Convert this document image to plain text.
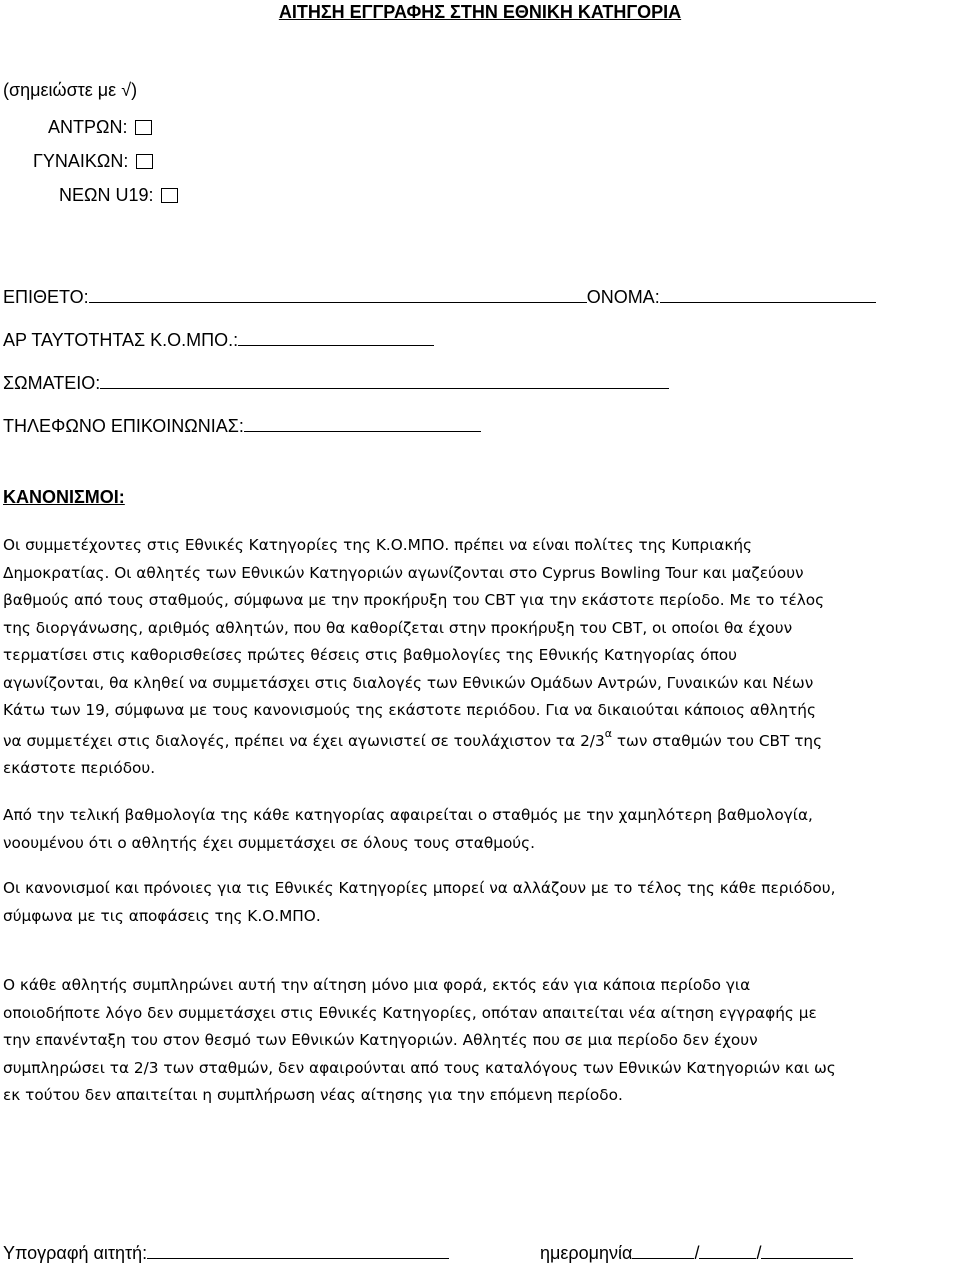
ΑΙΤΗΣΗ ΕΓΓΡΑΦΗΣ ΣΤΗΝ ΕΘΝΙΚΗ ΚΑΤΗΓΟΡΙΑ
(σημειώστε με √)
ΑΝΤΡΩΝ:
ΓΥΝΑΙΚΩΝ:
ΝΕΩΝ U19:
ΕΠΙΘΕΤΟ:	ΟΝΟΜΑ:
ΑΡ ΤΑΥΤΟΤΗΤΑΣ Κ.Ο.ΜΠΟ.:
ΣΩΜΑΤΕΙΟ:
ΤΗΛΕΦΩΝΟ ΕΠΙΚΟΙΝΩΝΙΑΣ:
ΚΑΝΟΝΙΣΜΟΙ:
Οι συμμετέχοντες στις Εθνικές Κατηγορίες της Κ.Ο.ΜΠΟ. πρέπει να είναι πολίτες της Κυπριακής
Δημοκρατίας. Οι αθλητές των Εθνικών Κατηγοριών αγωνίζονται στο Cyprus Bowling Tour και μαζεύουν
βαθμούς από τους σταθμούς, σύμφωνα με την προκήρυξη του CBT για την εκάστοτε περίοδο. Με το τέλος
της διοργάνωσης, αριθμός αθλητών, που θα καθορίζεται στην προκήρυξη του CBT, οι οποίοι θα έχουν
τερματίσει στις καθορισθείσες πρώτες θέσεις στις βαθμολογίες της Εθνικής Κατηγορίας όπου
αγωνίζονται, θα κληθεί να συμμετάσχει στις διαλογές των Εθνικών Ομάδων Αντρών, Γυναικών και Νέων
Κάτω των 19, σύμφωνα με τους κανονισμούς της εκάστοτε περιόδου. Για να δικαιούται κάποιος αθλητής
να συμμετέχει στις διαλογές, πρέπει να έχει αγωνιστεί σε τουλάχιστον τα $2/3^\alpha$ των σταθμών του CBT της
εκάστοτε περιόδου.
Από την τελική βαθμολογία της κάθε κατηγορίας αφαιρείται ο σταθμός με την χαμηλότερη βαθμολογία,
νοουμένου ότι ο αθλητής έχει συμμετάσχει σε όλους τους σταθμούς.
Οι κανονισμοί και πρόνοιες για τις Εθνικές Κατηγορίες μπορεί να αλλάζουν με το τέλος της κάθε περιόδου,
σύμφωνα με τις αποφάσεις της Κ.Ο.ΜΠΟ.
Ο κάθε αθλητής συμπληρώνει αυτή την αίτηση μόνο μια φορά, εκτός εάν για κάποια περίοδο για
οποιοδήποτε λόγο δεν συμμετάσχει στις Εθνικές Κατηγορίες, οπόταν απαιτείται νέα αίτηση εγγραφής με
την επανένταξη του στον θεσμό των Εθνικών Κατηγοριών. Αθλητές που σε μια περίοδο δεν έχουν
συμπληρώσει τα 2/3 των σταθμών, δεν αφαιρούνται από τους καταλόγους των Εθνικών Κατηγοριών και ως
εκ τούτου δεν απαιτείται η συμπλήρωση νέας αίτησης για την επόμενη περίοδο.
Υπογραφή αιτητή:	ημερομηνία	/	/
